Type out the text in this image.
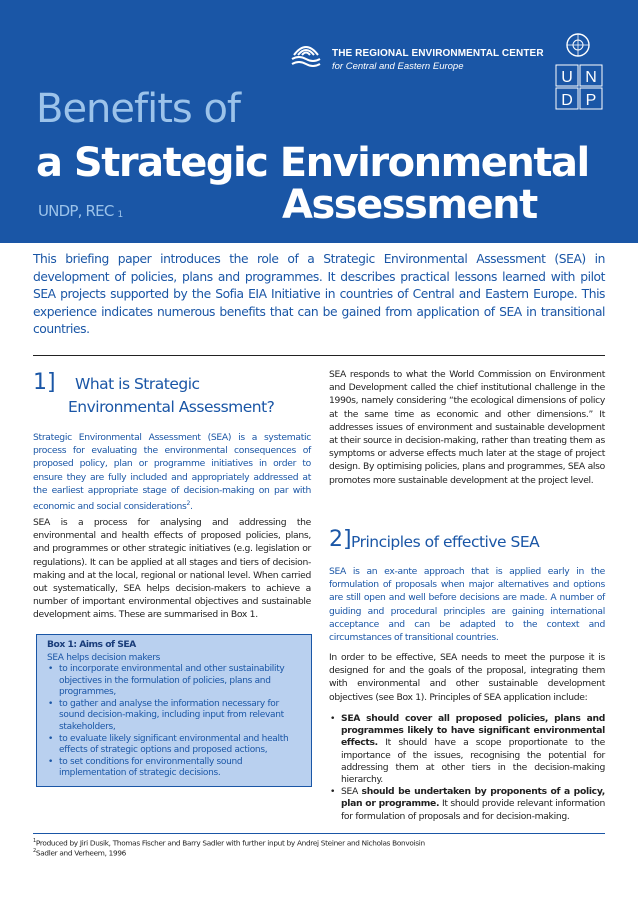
THE REGIONAL ENVIRONMENTAL CENTER
for Central and Eastern Europe
U N
D P
Benefits of
a Strategic Environmental
Assessment
UNDP, REC $^1$

This briefing paper introduces the role of a Strategic Environmental Assessment (SEA) in development of policies, plans and programmes. It describes practical lessons learned with pilot SEA projects supported by the Sofia EIA Initiative in countries of Central and Eastern Europe. This experience indicates numerous benefits that can be gained from application of SEA in transitional countries.

1] What is Strategic
Environmental Assessment?

Strategic Environmental Assessment (SEA) is a systematic process for evaluating the environmental consequences of proposed policy, plan or programme initiatives in order to ensure they are fully included and appropriately addressed at the earliest appropriate stage of decision-making on par with economic and social considerations$^2$.

SEA is a process for analysing and addressing the environmental and health effects of proposed policies, plans, and programmes or other strategic initiatives (e.g. legislation or regulations). It can be applied at all stages and tiers of decision-making and at the local, regional or national level. When carried out systematically, SEA helps decision-makers to achieve a number of important environmental objectives and sustainable development aims. These are summarised in Box 1.

Box 1: Aims of SEA
SEA helps decision makers
• to incorporate environmental and other sustainability objectives in the formulation of policies, plans and programmes,
• to gather and analyse the information necessary for sound decision-making, including input from relevant stakeholders,
• to evaluate likely significant environmental and health effects of strategic options and proposed actions,
• to set conditions for environmentally sound implementation of strategic decisions.

SEA responds to what the World Commission on Environment and Development called the chief institutional challenge in the 1990s, namely considering “the ecological dimensions of policy at the same time as economic and other dimensions.” It addresses issues of environment and sustainable development at their source in decision-making, rather than treating them as symptoms or adverse effects much later at the stage of project design. By optimising policies, plans and programmes, SEA also promotes more sustainable development at the project level.

2] Principles of effective SEA

SEA is an ex-ante approach that is applied early in the formulation of proposals when major alternatives and options are still open and well before decisions are made. A number of guiding and procedural principles are gaining international acceptance and can be adapted to the context and circumstances of transitional countries.

In order to be effective, SEA needs to meet the purpose it is designed for and the goals of the proposal, integrating them with environmental and other sustainable development objectives (see Box 1). Principles of SEA application include:

• SEA should cover all proposed policies, plans and programmes likely to have significant environmental effects. It should have a scope proportionate to the importance of the issues, recognising the potential for addressing them at other tiers in the decision-making hierarchy.
• SEA should be undertaken by proponents of a policy, plan or programme. It should provide relevant information for formulation of proposals and for decision-making.
$^1$Produced by Jiri Dusik, Thomas Fischer and Barry Sadler with further input by Andrej Steiner and Nicholas Bonvoisin
$^2$Sadler and Verheem, 1996
